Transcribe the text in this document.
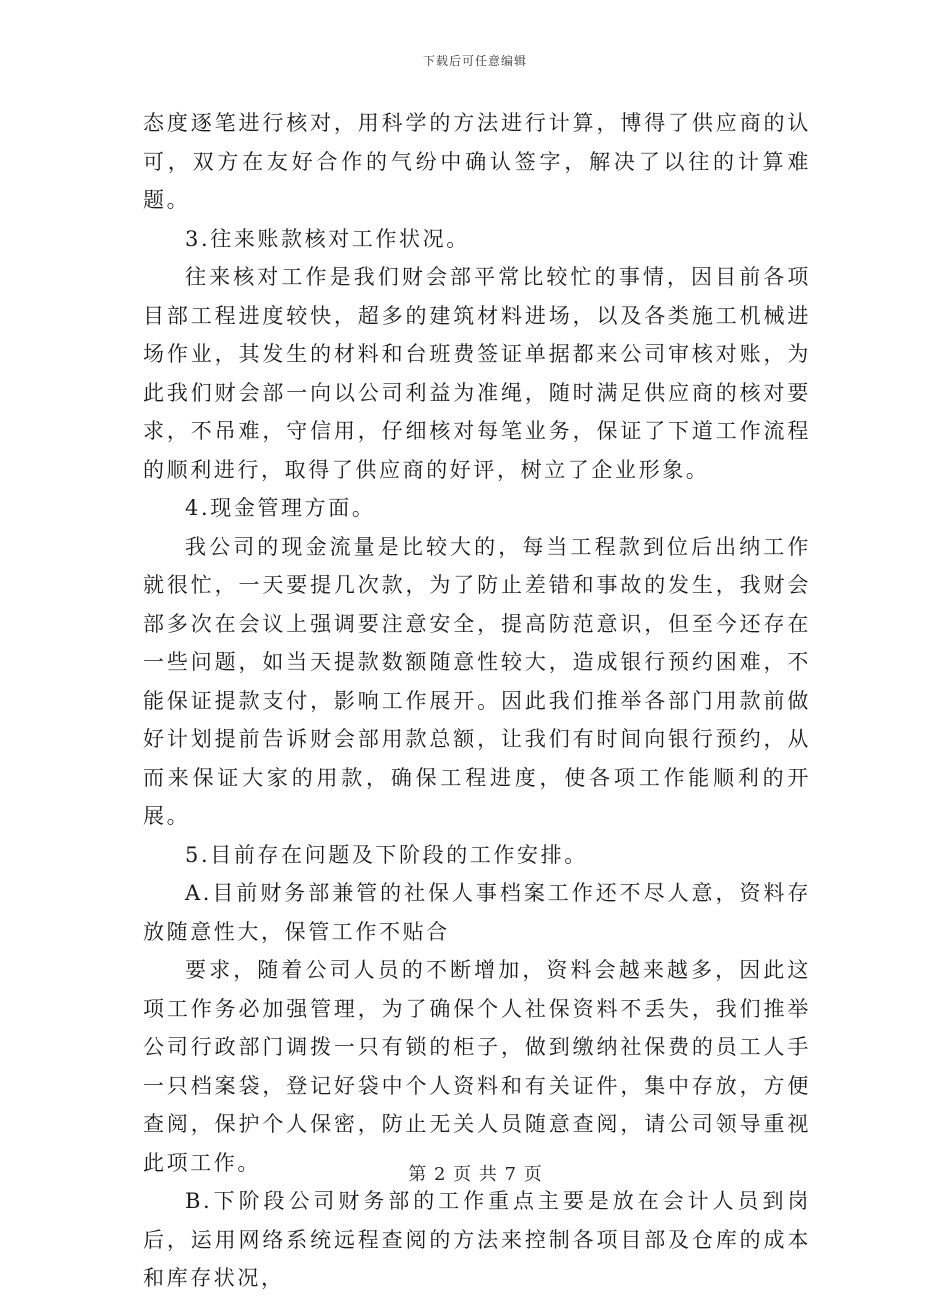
下载后可任意编辑

态度逐笔进行核对，用科学的方法进行计算，博得了供应商的认可，双方在友好合作的气纷中确认签字，解决了以往的计算难题。

3.往来账款核对工作状况。

往来核对工作是我们财会部平常比较忙的事情，因目前各项目部工程进度较快，超多的建筑材料进场，以及各类施工机械进场作业，其发生的材料和台班费签证单据都来公司审核对账，为此我们财会部一向以公司利益为准绳，随时满足供应商的核对要求，不吊难，守信用，仔细核对每笔业务，保证了下道工作流程的顺利进行，取得了供应商的好评，树立了企业形象。

4.现金管理方面。

我公司的现金流量是比较大的，每当工程款到位后出纳工作就很忙，一天要提几次款，为了防止差错和事故的发生，我财会部多次在会议上强调要注意安全，提高防范意识，但至今还存在一些问题，如当天提款数额随意性较大，造成银行预约困难，不能保证提款支付，影响工作展开。因此我们推举各部门用款前做好计划提前告诉财会部用款总额，让我们有时间向银行预约，从而来保证大家的用款，确保工程进度，使各项工作能顺利的开展。

5.目前存在问题及下阶段的工作安排。

A.目前财务部兼管的社保人事档案工作还不尽人意，资料存放随意性大，保管工作不贴合

要求，随着公司人员的不断增加，资料会越来越多，因此这项工作务必加强管理，为了确保个人社保资料不丢失，我们推举公司行政部门调拨一只有锁的柜子，做到缴纳社保费的员工人手一只档案袋，登记好袋中个人资料和有关证件，集中存放，方便查阅，保护个人保密，防止无关人员随意查阅，请公司领导重视此项工作。

B.下阶段公司财务部的工作重点主要是放在会计人员到岗后，运用网络系统远程查阅的方法来控制各项目部及仓库的成本和库存状况，

第 2 页 共 7 页
